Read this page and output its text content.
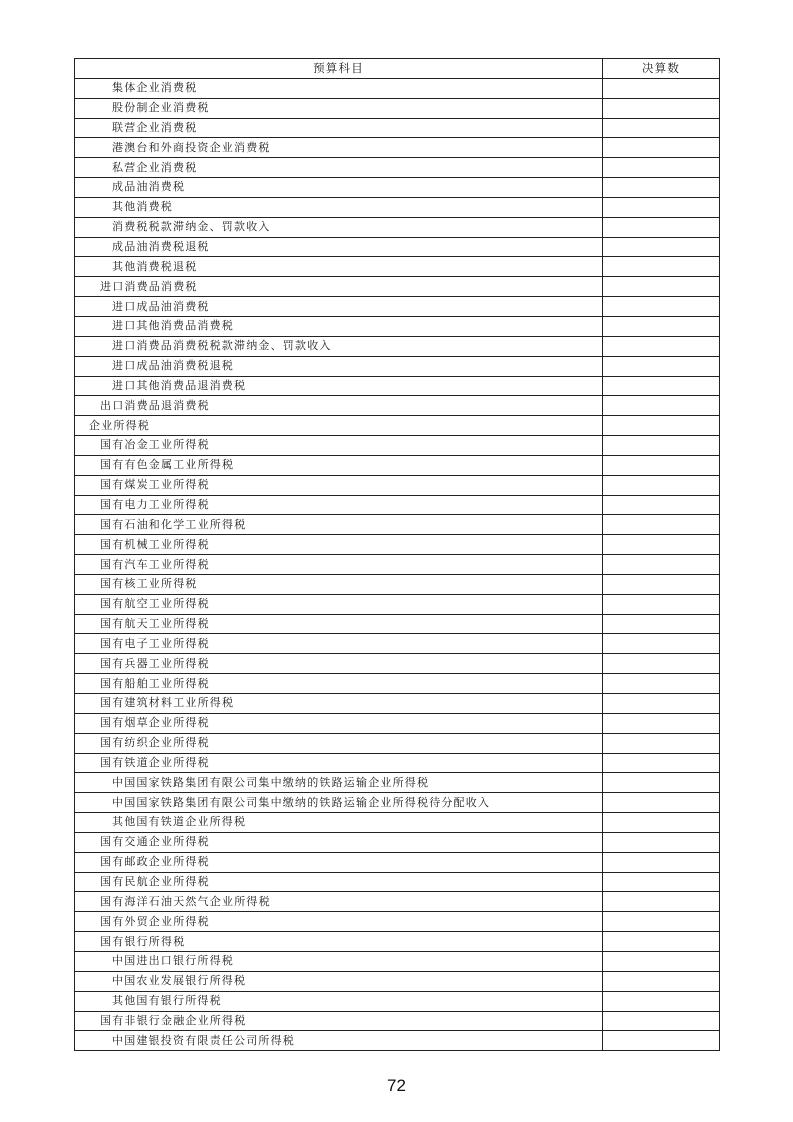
预算科目	决算数
集体企业消费税	
股份制企业消费税	
联营企业消费税	
港澳台和外商投资企业消费税	
私营企业消费税	
成品油消费税	
其他消费税	
消费税税款滞纳金、罚款收入	
成品油消费税退税	
其他消费税退税	
进口消费品消费税	
进口成品油消费税	
进口其他消费品消费税	
进口消费品消费税税款滞纳金、罚款收入	
进口成品油消费税退税	
进口其他消费品退消费税	
出口消费品退消费税	
企业所得税	
国有冶金工业所得税	
国有有色金属工业所得税	
国有煤炭工业所得税	
国有电力工业所得税	
国有石油和化学工业所得税	
国有机械工业所得税	
国有汽车工业所得税	
国有核工业所得税	
国有航空工业所得税	
国有航天工业所得税	
国有电子工业所得税	
国有兵器工业所得税	
国有船舶工业所得税	
国有建筑材料工业所得税	
国有烟草企业所得税	
国有纺织企业所得税	
国有铁道企业所得税	
中国国家铁路集团有限公司集中缴纳的铁路运输企业所得税	
中国国家铁路集团有限公司集中缴纳的铁路运输企业所得税待分配收入	
其他国有铁道企业所得税	
国有交通企业所得税	
国有邮政企业所得税	
国有民航企业所得税	
国有海洋石油天然气企业所得税	
国有外贸企业所得税	
国有银行所得税	
中国进出口银行所得税	
中国农业发展银行所得税	
其他国有银行所得税	
国有非银行金融企业所得税	
中国建银投资有限责任公司所得税	
72
